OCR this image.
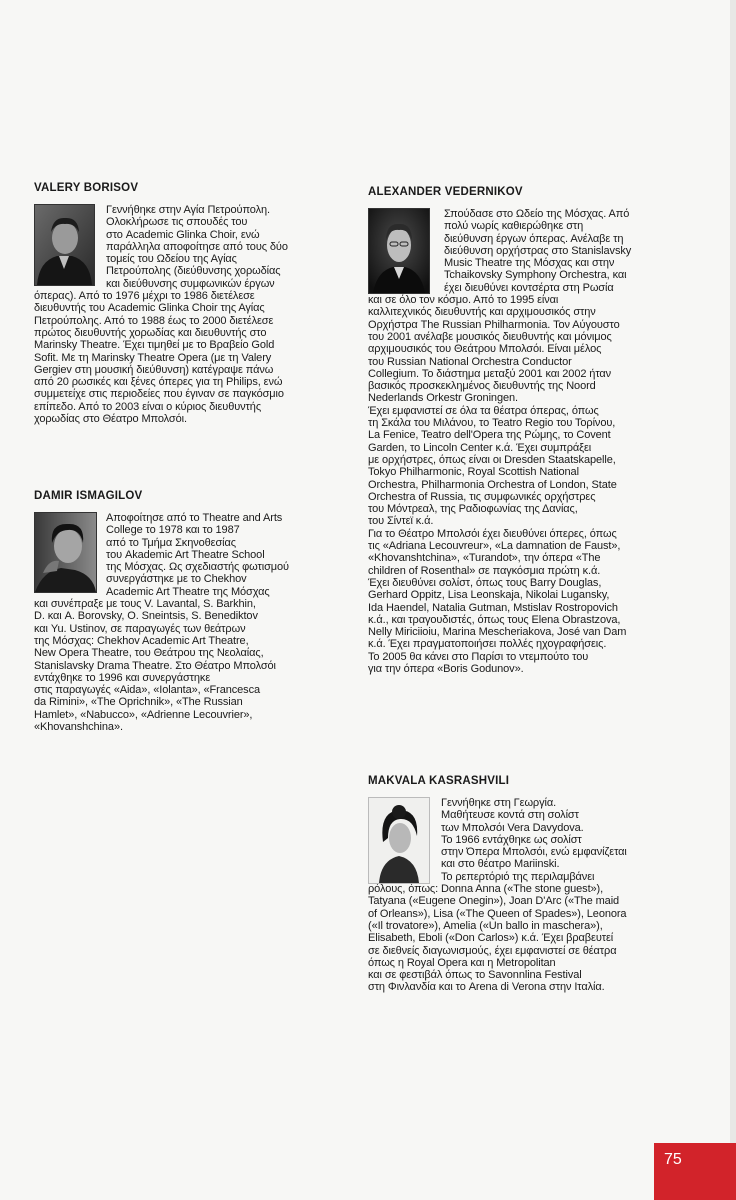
VALERY BORISOV
Γεννήθηκε στην Αγία Πετρούπολη.
Ολοκλήρωσε τις σπουδές του
στο Academic Glinka Choir, ενώ
παράλληλα αποφοίτησε από τους δύο
τομείς του Ωδείου της Αγίας
Πετρούπολης (διεύθυνσης χορωδίας
και διεύθυνσης συμφωνικών έργων
όπερας). Από το 1976 μέχρι το 1986 διετέλεσε
διευθυντής του Academic Glinka Choir της Αγίας
Πετρούπολης. Από το 1988 έως το 2000 διετέλεσε
πρώτος διευθυντής χορωδίας και διευθυντής στο
Marinsky Theatre. Έχει τιμηθεί με το Βραβείο Gold
Sofit. Με τη Marinsky Theatre Opera (με τη Valery
Gergiev στη μουσική διεύθυνση) κατέγραψε πάνω
από 20 ρωσικές και ξένες όπερες για τη Philips, ενώ
συμμετείχε στις περιοδείες που έγιναν σε παγκόσμιο
επίπεδο. Από το 2003 είναι ο κύριος διευθυντής
χορωδίας στο Θέατρο Μπολσόι.
DAMIR ISMAGILOV
Αποφοίτησε από το Theatre and Arts
College το 1978 και το 1987
από το Τμήμα Σκηνοθεσίας
του Akademic Art Theatre School
της Μόσχας. Ως σχεδιαστής φωτισμού
συνεργάστηκε με το Chekhov
Academic Art Theatre της Μόσχας
και συνέπραξε με τους V. Lavantal, S. Barkhin,
D. και A. Borovsky, O. Sneintsis, S. Benediktov
και Yu. Ustinov, σε παραγωγές των θεάτρων
της Μόσχας: Chekhov Academic Art Theatre,
New Opera Theatre, του Θεάτρου της Νεολαίας,
Stanislavsky Drama Theatre. Στο Θέατρο Μπολσόι
εντάχθηκε το 1996 και συνεργάστηκε
στις παραγωγές «Aida», «Iolanta», «Francesca
da Rimini», «The Oprichnik», «The Russian
Hamlet», «Nabucco», «Adrienne Lecouvrier»,
«Khovanshchina».
ALEXANDER VEDERNIKOV
Σπούδασε στο Ωδείο της Μόσχας. Από
πολύ νωρίς καθιερώθηκε στη
διεύθυνση έργων όπερας. Ανέλαβε τη
διεύθυνση ορχήστρας στο Stanislavsky
Music Theatre της Μόσχας και στην
Tchaikovsky Symphony Orchestra, και
έχει διευθύνει κοντσέρτα στη Ρωσία
και σε όλο τον κόσμο. Από το 1995 είναι
καλλιτεχνικός διευθυντής και αρχιμουσικός στην
Ορχήστρα The Russian Philharmonia. Τον Αύγουστο
του 2001 ανέλαβε μουσικός διευθυντής και μόνιμος
αρχιμουσικός του Θεάτρου Μπολσόι. Είναι μέλος
του Russian National Orchestra Conductor
Collegium. Το διάστημα μεταξύ 2001 και 2002 ήταν
βασικός προσκεκλημένος διευθυντής της Noord
Nederlands Orkestr Groningen.
Έχει εμφανιστεί σε όλα τα θέατρα όπερας, όπως
τη Σκάλα του Μιλάνου, το Teatro Regio του Τορίνου,
La Fenice, Teatro dell'Opera της Ρώμης, το Covent
Garden, το Lincoln Center κ.ά. Έχει συμπράξει
με ορχήστρες, όπως είναι οι Dresden Staatskapelle,
Tokyo Philharmonic, Royal Scottish National
Orchestra, Philharmonia Orchestra of London, State
Orchestra of Russia, τις συμφωνικές ορχήστρες
του Μόντρεαλ, της Ραδιοφωνίας της Δανίας,
του Σίντεϊ κ.ά.
Για το Θέατρο Μπολσόι έχει διευθύνει όπερες, όπως
τις «Adriana Lecouvreur», «La damnation de Faust»,
«Khovanshtchina», «Turandot», την όπερα «The
children of Rosenthal» σε παγκόσμια πρώτη κ.ά.
Έχει διευθύνει σολίστ, όπως τους Barry Douglas,
Gerhard Oppitz, Lisa Leonskaja, Nikolai Lugansky,
Ida Haendel, Natalia Gutman, Mstislav Rostropovich
κ.ά., και τραγουδιστές, όπως τους Elena Obrastzova,
Nelly Miriciioiu, Marina Mescheriakova, José van Dam
κ.ά. Έχει πραγματοποιήσει πολλές ηχογραφήσεις.
Το 2005 θα κάνει στο Παρίσι το ντεμπούτο του
για την όπερα «Boris Godunov».
MAKVALA KASRASHVILI
Γεννήθηκε στη Γεωργία.
Μαθήτευσε κοντά στη σολίστ
των Μπολσόι Vera Davydova.
Το 1966 εντάχθηκε ως σολίστ
στην Όπερα Μπολσόι, ενώ εμφανίζεται
και στο θέατρο Mariinski.
Το ρεπερτόριό της περιλαμβάνει
ρόλους, όπως: Donna Anna («The stone guest»),
Tatyana («Eugene Onegin»), Joan D'Arc («The maid
of Orleans»), Lisa («The Queen of Spades»), Leonora
(«Il trovatore»), Amelia («Un ballo in maschera»),
Elisabeth, Eboli («Don Carlos») κ.ά. Έχει βραβευτεί
σε διεθνείς διαγωνισμούς, έχει εμφανιστεί σε θέατρα
όπως η Royal Opera και η Metropolitan
και σε φεστιβάλ όπως το Savonnlina Festival
στη Φινλανδία και το Arena di Verona στην Ιταλία.
75
